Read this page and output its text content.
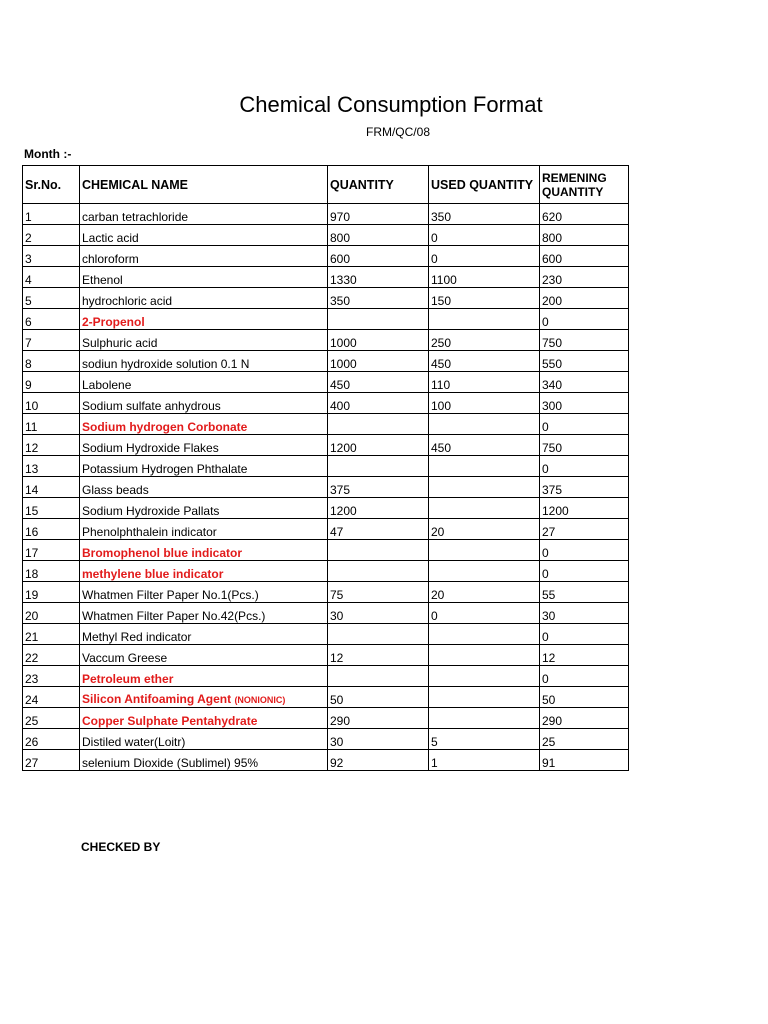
Chemical Consumption Format
FRM/QC/08
Month :-
Sr.No.	CHEMICAL NAME	QUANTITY	USED QUANTITY	REMENING QUANTITY
1	carban tetrachloride	970	350	620
2	Lactic acid	800	0	800
3	chloroform	600	0	600
4	Ethenol	1330	1100	230
5	hydrochloric acid	350	150	200
6	2-Propenol			0
7	Sulphuric acid	1000	250	750
8	sodiun hydroxide solution 0.1 N	1000	450	550
9	Labolene	450	110	340
10	Sodium sulfate anhydrous	400	100	300
11	Sodium hydrogen Corbonate			0
12	Sodium Hydroxide Flakes	1200	450	750
13	Potassium Hydrogen Phthalate			0
14	Glass beads	375		375
15	Sodium Hydroxide Pallats	1200		1200
16	Phenolphthalein indicator	47	20	27
17	Bromophenol blue indicator			0
18	methylene blue indicator			0
19	Whatmen Filter Paper No.1(Pcs.)	75	20	55
20	Whatmen Filter Paper No.42(Pcs.)	30	0	30
21	Methyl Red indicator			0
22	Vaccum Greese	12		12
23	Petroleum ether			0
24	Silicon Antifoaming Agent (NONIONIC)	50		50
25	Copper Sulphate Pentahydrate	290		290
26	Distiled water(Loitr)	30	5	25
27	selenium Dioxide (Sublimel) 95%	92	1	91
CHECKED BY
